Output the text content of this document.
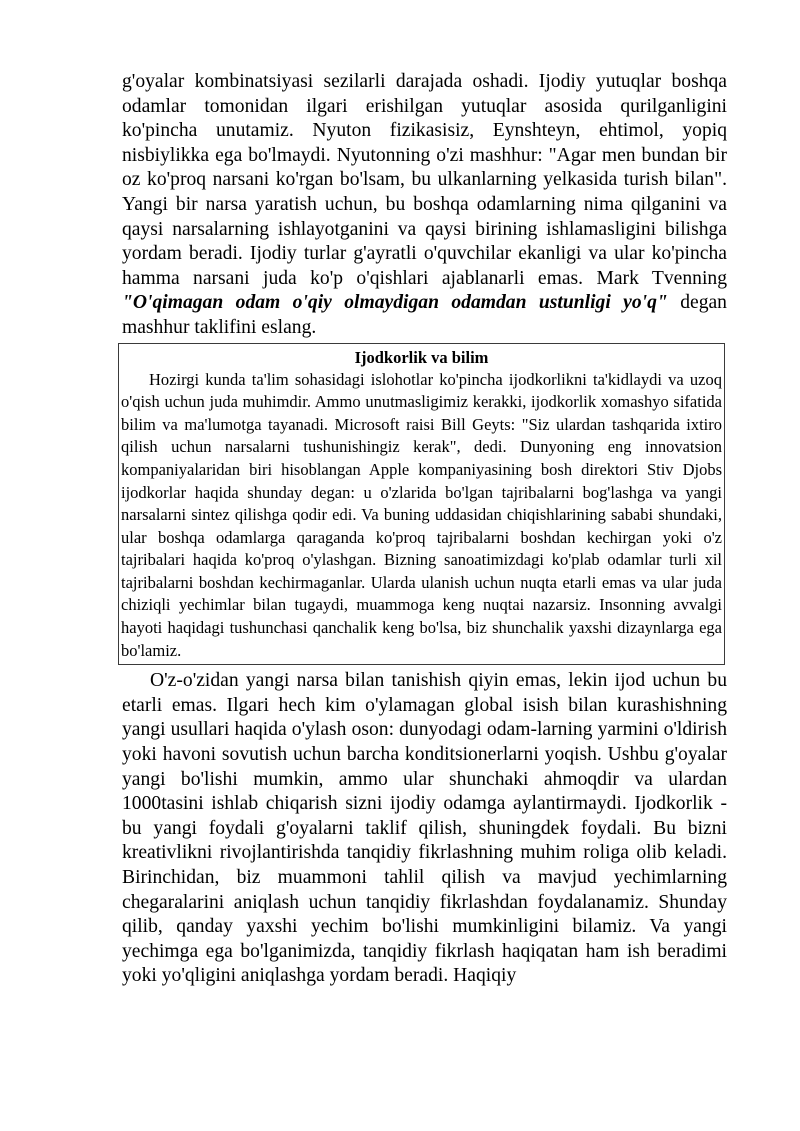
g'oyalar kombinatsiyasi sezilarli darajada oshadi. Ijodiy yutuqlar boshqa odamlar tomonidan ilgari erishilgan yutuqlar asosida qurilganligini ko'pincha unutamiz. Nyuton fizikasisiz, Eynshteyn, ehtimol, yopiq nisbiylikka ega bo'lmaydi. Nyutonning o'zi mashhur: "Agar men bundan bir oz ko'proq narsani ko'rgan bo'lsam, bu ulkanlarning yelkasida turish bilan". Yangi bir narsa yaratish uchun, bu boshqa odamlarning nima qilganini va qaysi narsalarning ishlayotganini va qaysi birining ishlamasligini bilishga yordam beradi. Ijodiy turlar g'ayratli o'quvchilar ekanligi va ular ko'pincha hamma narsani juda ko'p o'qishlari ajablanarli emas. Mark Tvenning "O'qimagan odam o'qiy olmaydigan odamdan ustunligi yo'q" degan mashhur taklifini eslang.

Ijodkorlik va bilim

Hozirgi kunda ta'lim sohasidagi islohotlar ko'pincha ijodkorlikni ta'kidlaydi va uzoq o'qish uchun juda muhimdir. Ammo unutmasligimiz kerakki, ijodkorlik xomashyo sifatida bilim va ma'lumotga tayanadi. Microsoft raisi Bill Geyts: "Siz ulardan tashqarida ixtiro qilish uchun narsalarni tushunishingiz kerak", dedi. Dunyoning eng innovatsion kompaniyalaridan biri hisoblangan Apple kompaniyasining bosh direktori Stiv Djobs ijodkorlar haqida shunday degan: u o'zlarida bo'lgan tajribalarni bog'lashga va yangi narsalarni sintez qilishga qodir edi. Va buning uddasidan chiqishlarining sababi shundaki, ular boshqa odamlarga qaraganda ko'proq tajribalarni boshdan kechirgan yoki o'z tajribalari haqida ko'proq o'ylashgan. Bizning sanoatimizdagi ko'plab odamlar turli xil tajribalarni boshdan kechirmaganlar. Ularda ulanish uchun nuqta etarli emas va ular juda chiziqli yechimlar bilan tugaydi, muammoga keng nuqtai nazarsiz. Insonning avvalgi hayoti haqidagi tushunchasi qanchalik keng bo'lsa, biz shunchalik yaxshi dizaynlarga ega bo'lamiz.

O'z-o'zidan yangi narsa bilan tanishish qiyin emas, lekin ijod uchun bu etarli emas. Ilgari hech kim o'ylamagan global isish bilan kurashishning yangi usullari haqida o'ylash oson: dunyodagi odam-larning yarmini o'ldirish yoki havoni sovutish uchun barcha konditsionerlarni yoqish. Ushbu g'oyalar yangi bo'lishi mumkin, ammo ular shunchaki ahmoqdir va ulardan 1000tasini ishlab chiqarish sizni ijodiy odamga aylantirmaydi. Ijodkorlik - bu yangi foydali g'oyalarni taklif qilish, shuningdek foydali. Bu bizni kreativlikni rivojlantirishda tanqidiy fikrlashning muhim roliga olib keladi. Birinchidan, biz muammoni tahlil qilish va mavjud yechimlarning chegaralarini aniqlash uchun tanqidiy fikrlashdan foydalanamiz. Shunday qilib, qanday yaxshi yechim bo'lishi mumkinligini bilamiz. Va yangi yechimga ega bo'lganimizda, tanqidiy fikrlash haqiqatan ham ish beradimi yoki yo'qligini aniqlashga yordam beradi. Haqiqiy
